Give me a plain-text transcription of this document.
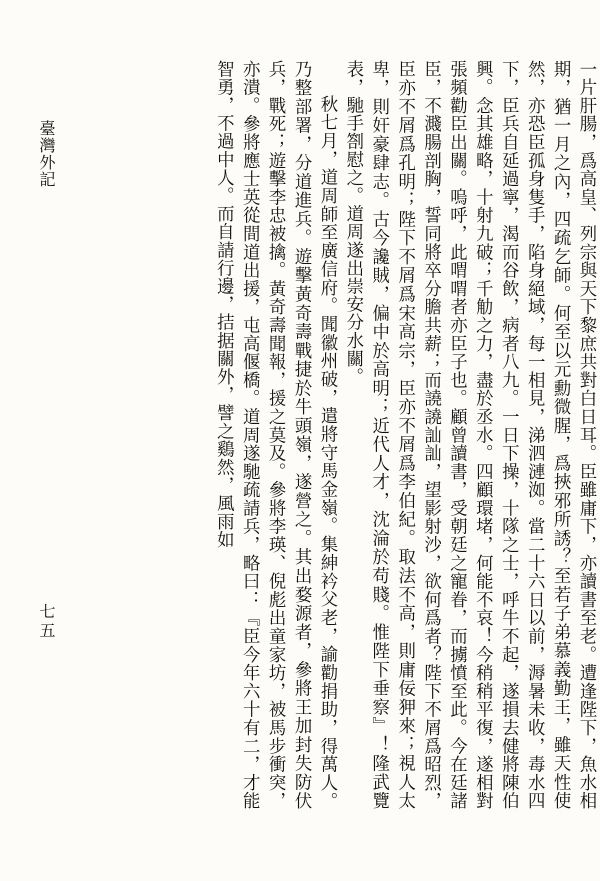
一片肝腸，爲高皇、列宗與天下黎庶共對白日耳。臣雖庸下，亦讀書至老。遭逢陛下，魚水相期，猶一月之內，四疏乞師。何至以元勳微腥，爲挾邪所誘？至若子弟慕義勤王，雖天性使然，亦恐臣孤身隻手，陷身絕域，每一相見，涕泗漣洳。當二十六日以前，溽暑未收，毒水四下，臣兵自延過寧，渴而谷飲，病者八九。一日下操，十隊之士，呼牛不起，遂損去健將陳伯興。念其雄略，十射九破；千觔之力，盡於丞水。四顧環堵，何能不哀！今稍稍平復，遂相對張頻勸臣出關。嗚呼，此喟喟者亦臣子也。顧曾讀書，受朝廷之寵眷，而擄憤至此。今在廷諸臣，不濺腸剖胸，誓同將卒分膽共薪；而譊譊訕訕，望影射沙，欲何爲者？陛下不屑爲昭烈，臣亦不屑爲孔明；陛下不屑爲宋高宗，臣亦不屑爲李伯紀。取法不高，則庸佞狎來；視人太卑，則奸豪肆志。古今讒賊，偏中於高明；近代人才，沈淪於苟賤。惟陛下垂察』！隆武覽表，馳手劄慰之。道周遂出崇安分水關。

秋七月，道周師至廣信府。聞徽州破，遣將守馬金嶺。集紳衿父老，諭勸捐助，得萬人。乃整部署，分道進兵。遊擊黃奇壽戰捷於牛頭嶺，遂營之。其出婺源者，參將王加封失防伏兵，戰死；遊擊李忠被擒。黃奇壽聞報，援之莫及。參將李瑛、倪彪出童家坊，被馬步衝突，亦潰。參將應士英從間道出援，屯高偃橋。道周遂馳疏請兵，略曰：『臣今年六十有二，才能智勇，不過中人。而自請行邊，拮据關外，譬之鷄然，風雨如

臺灣外記
七五
